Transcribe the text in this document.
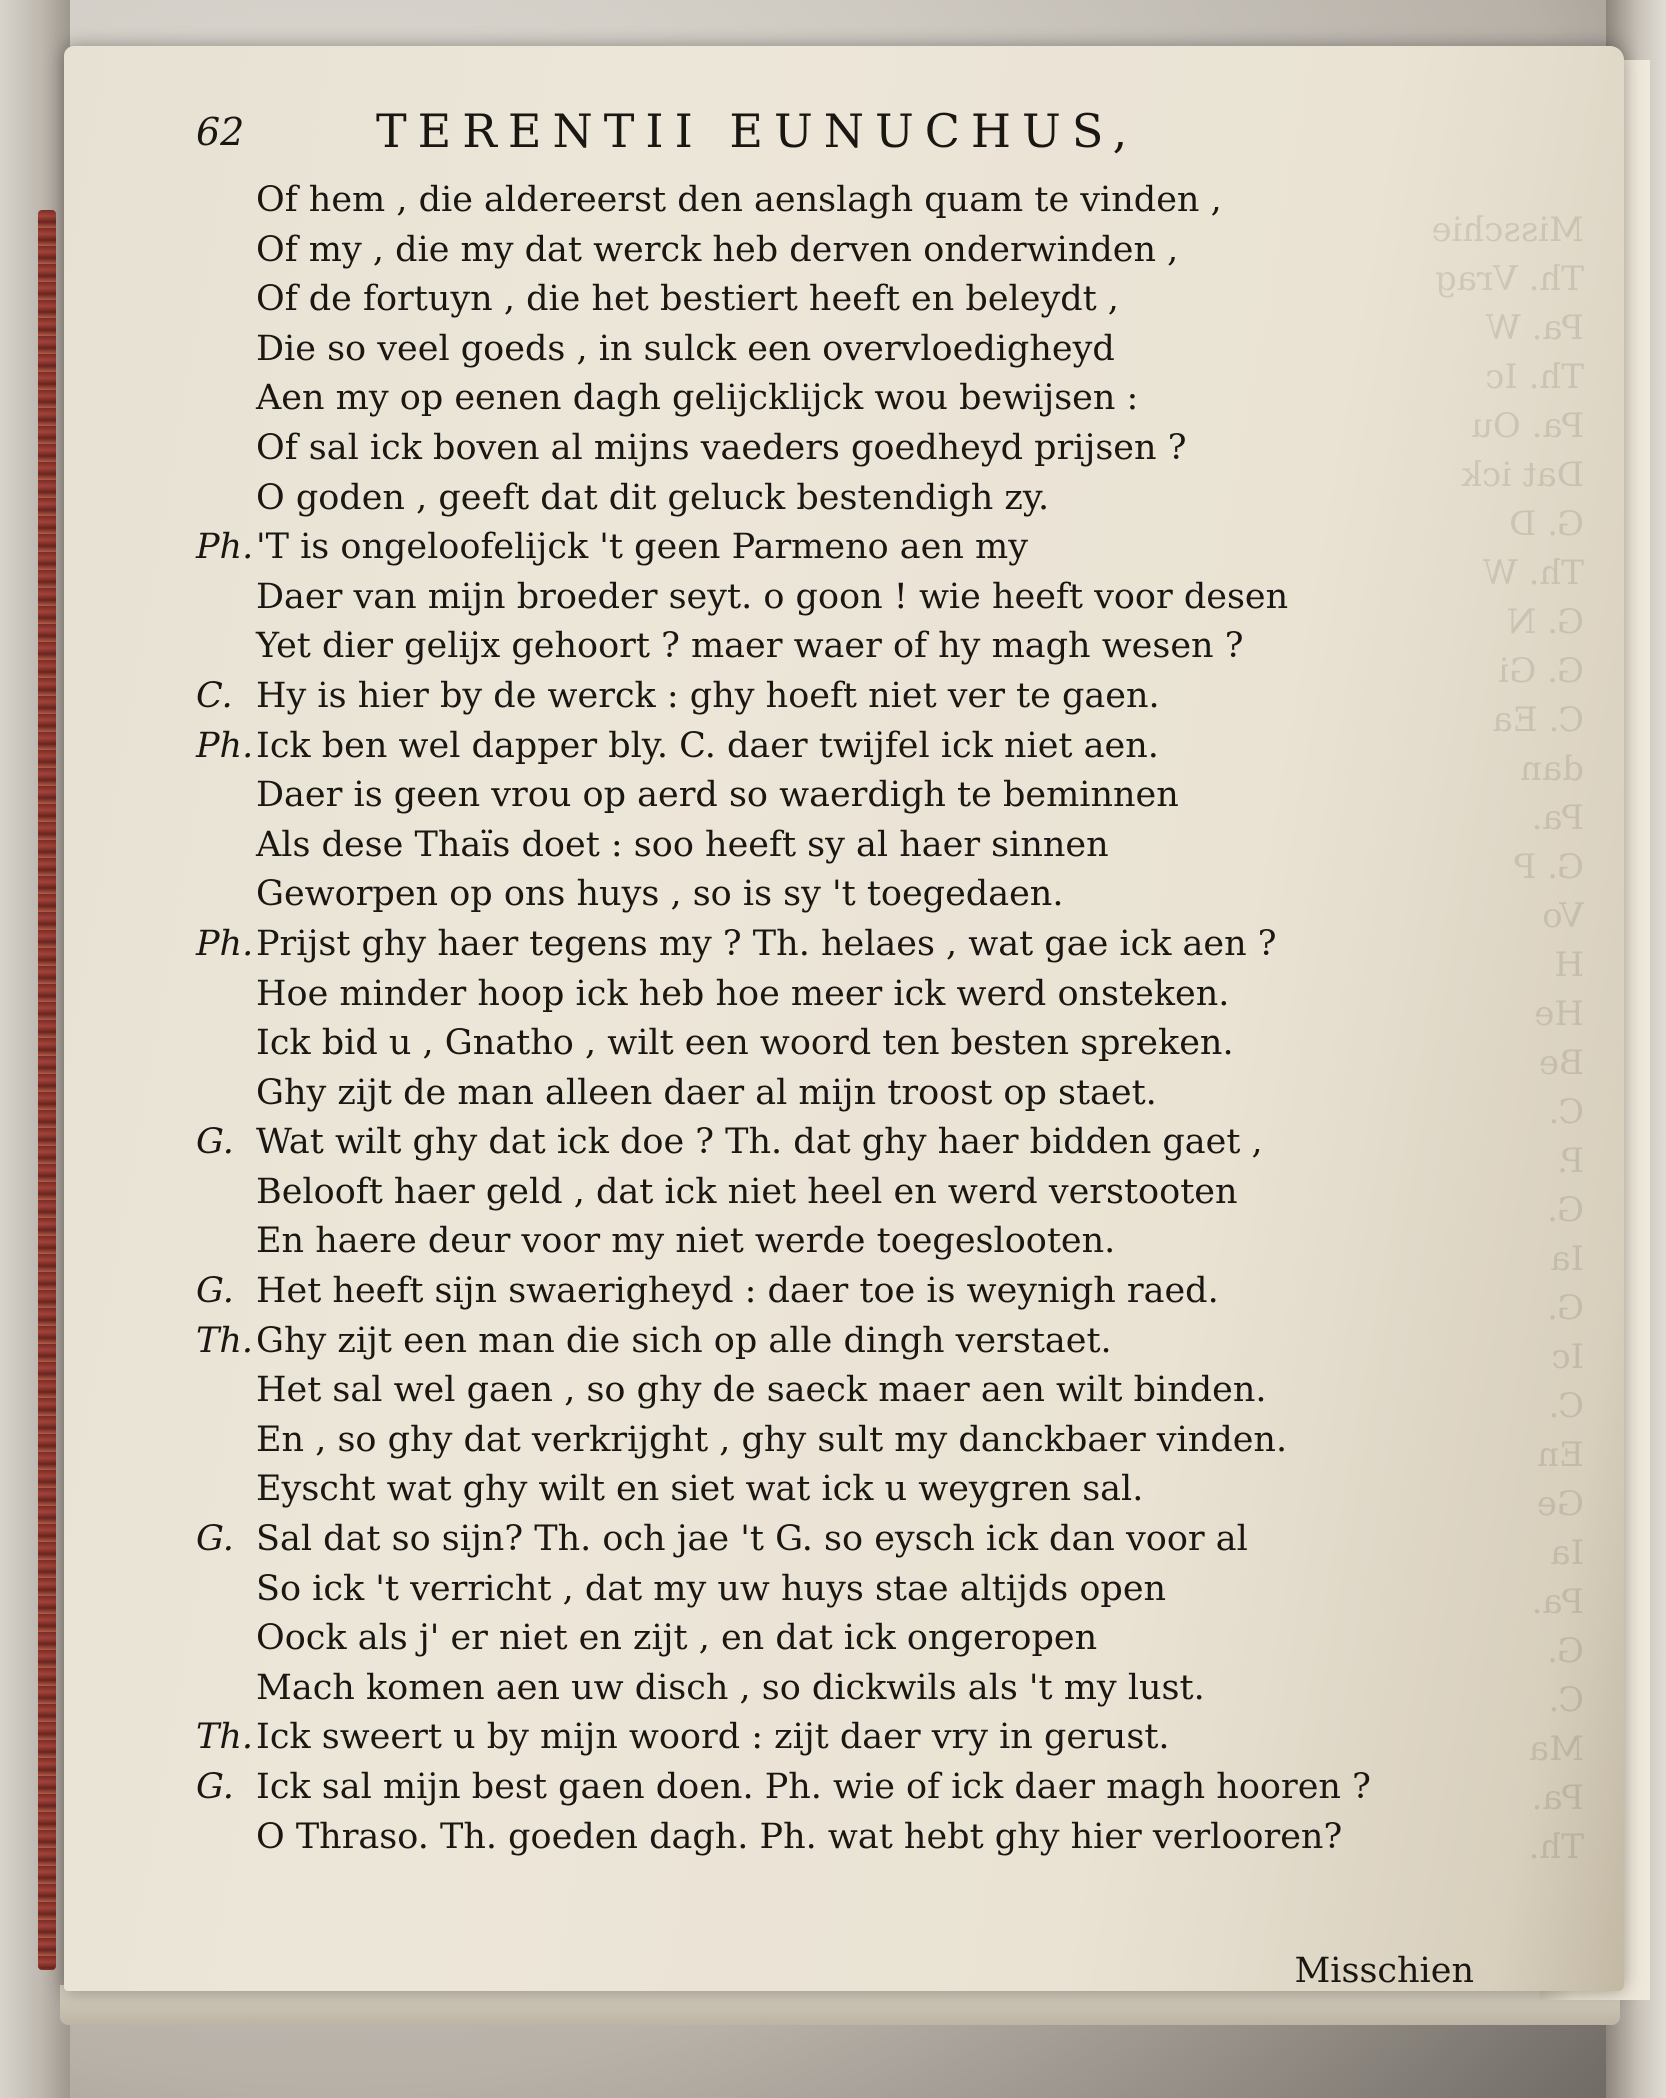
Misschie
Th. Vrag
Pa. W
Th. Ic
Pa. Ou
Dat ick
G. D
Th. W
G. N
G. Gi
C. Ea
dan
Pa.
G. P
Vo
H
He
Be
C.
P.
G.
Ia
G.
Ic
C.
En
Ge
Ia
Pa.
G.
C.
Ma
Pa.
Th.
62	TERENTII EUNUCHUS,
Of hem , die aldereerst den aenslagh quam te vinden ,
Of my , die my dat werck heb derven onderwinden ,
Of de fortuyn , die het bestiert heeft en beleydt ,
Die so veel goeds , in sulck een overvloedigheyd
Aen my op eenen dagh gelijcklijck wou bewijsen :
Of sal ick boven al mijns vaeders goedheyd prijsen ?
O goden , geeft dat dit geluck bestendigh zy.
Ph. 'T is ongeloofelijck 't geen Parmeno aen my
Daer van mijn broeder seyt. o goon ! wie heeft voor desen
Yet dier gelijx gehoort ? maer waer of hy magh wesen ?
C. Hy is hier by de werck : ghy hoeft niet ver te gaen.
Ph. Ick ben wel dapper bly. C. daer twijfel ick niet aen.
Daer is geen vrou op aerd so waerdigh te beminnen
Als dese Thaïs doet : soo heeft sy al haer sinnen
Geworpen op ons huys , so is sy 't toegedaen.
Ph. Prijst ghy haer tegens my ? Th. helaes , wat gae ick aen ?
Hoe minder hoop ick heb hoe meer ick werd onsteken.
Ick bid u , Gnatho , wilt een woord ten besten spreken.
Ghy zijt de man alleen daer al mijn troost op staet.
G. Wat wilt ghy dat ick doe ? Th. dat ghy haer bidden gaet ,
Belooft haer geld , dat ick niet heel en werd verstooten
En haere deur voor my niet werde toegeslooten.
G. Het heeft sijn swaerigheyd : daer toe is weynigh raed.
Th. Ghy zijt een man die sich op alle dingh verstaet.
Het sal wel gaen , so ghy de saeck maer aen wilt binden.
En , so ghy dat verkrijght , ghy sult my danckbaer vinden.
Eyscht wat ghy wilt en siet wat ick u weygren sal.
G. Sal dat so sijn? Th. och jae 't G. so eysch ick dan voor al
So ick 't verricht , dat my uw huys stae altijds open
Oock als j' er niet en zijt , en dat ick ongeropen
Mach komen aen uw disch , so dickwils als 't my lust.
Th. Ick sweert u by mijn woord : zijt daer vry in gerust.
G. Ick sal mijn best gaen doen. Ph. wie of ick daer magh hooren ?
O Thraso. Th. goeden dagh. Ph. wat hebt ghy hier verlooren?
Misschien
